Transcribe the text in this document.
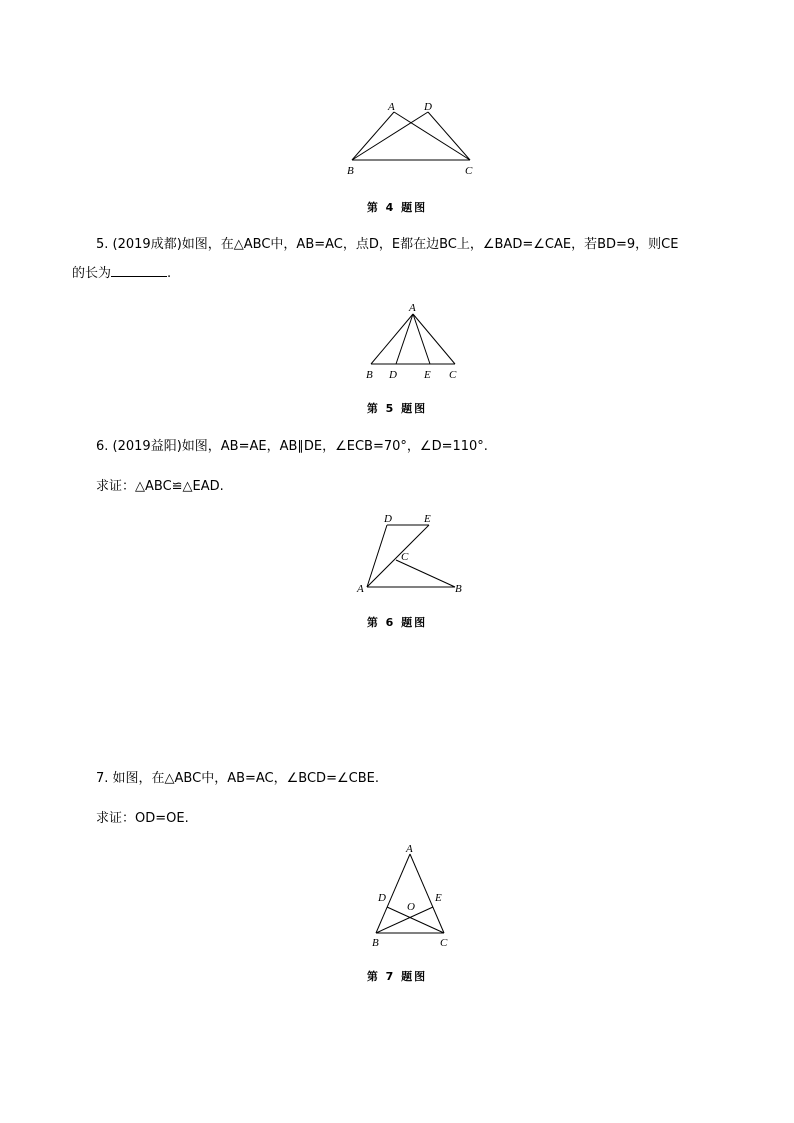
A	D
B	C
第 4 题图
5. (2019成都)如图，在△ABC中，AB=AC，点D，E都在边BC上，∠BAD=∠CAE，若BD=9，则CE
的长为	.
A
B D E C
第 5 题图
6. (2019益阳)如图，AB=AE，AB∥DE，∠ECB=70°，∠D=110°.
求证：△ABC≌△EAD.
D	E
C
A	B
第 6 题图
7. 如图，在△ABC中，AB=AC，∠BCD=∠CBE.
求证：OD=OE.
A
D	E
O
B	C
第 7 题图
